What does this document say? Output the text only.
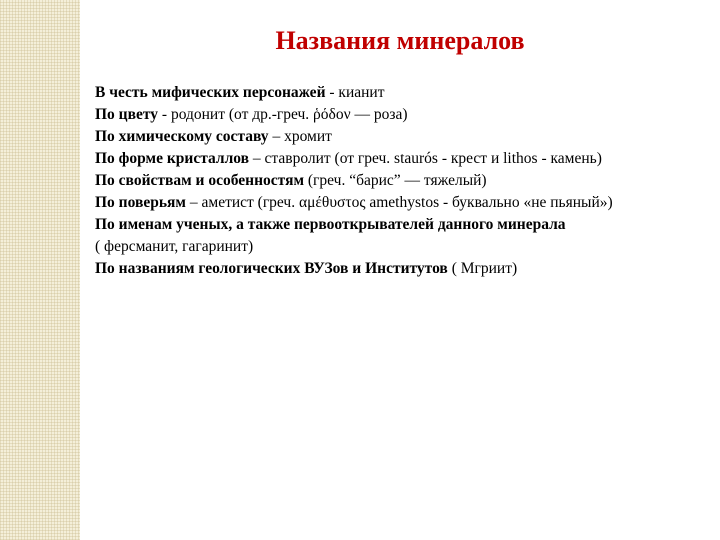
Названия минералов
В честь мифических персонажей - кианит
По цвету - родонит (от др.-греч. ῥόδον — роза)
По химическому составу – хромит
По форме кристаллов – ставролит (от греч. staurós - крест и lithos - камень)
По свойствам и особенностям (греч. “барис” — тяжелый)
По поверьям – аметист (греч. αμέθυστος amethystos - буквально «не пьяный»)
По именам ученых, а также первооткрывателей данного минерала
( ферсманит, гагаринит)
По названиям геологических ВУЗов и Институтов ( Мгриит)
